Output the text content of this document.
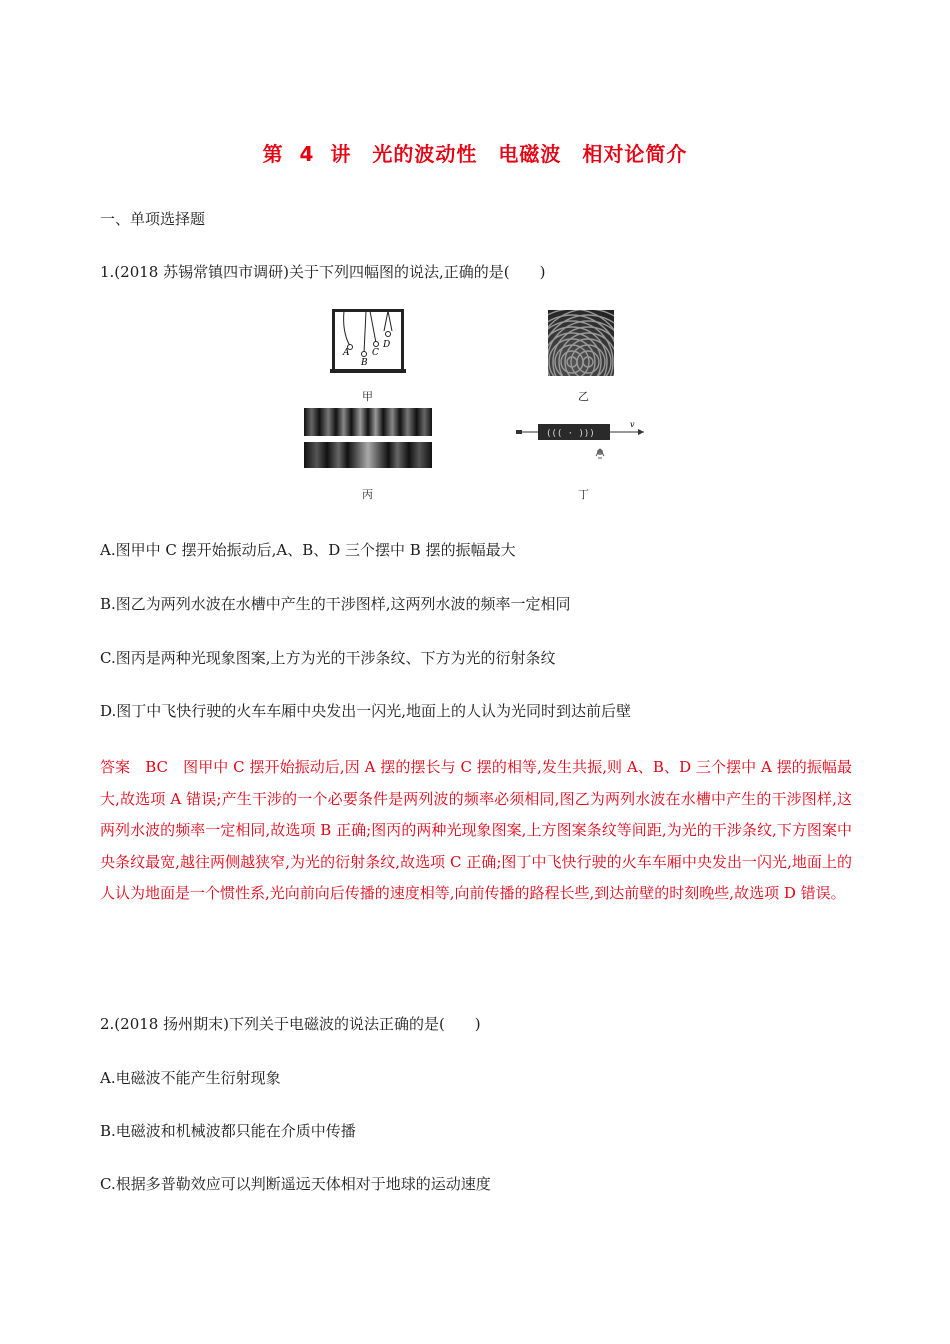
第 4 讲　光的波动性　电磁波　相对论简介
一、单项选择题
1.(2018 苏锡常镇四市调研)关于下列四幅图的说法,正确的是(　　)
A
B
C
D
甲	乙
丙
((( · )))
v
丁
A.图甲中 C 摆开始振动后,A、B、D 三个摆中 B 摆的振幅最大
B.图乙为两列水波在水槽中产生的干涉图样,这两列水波的频率一定相同
C.图丙是两种光现象图案,上方为光的干涉条纹、下方为光的衍射条纹
D.图丁中飞快行驶的火车车厢中央发出一闪光,地面上的人认为光同时到达前后壁
答案　BC　图甲中 C 摆开始振动后,因 A 摆的摆长与 C 摆的相等,发生共振,则 A、B、D 三个摆中 A 摆的振幅最大,故选项 A 错误;产生干涉的一个必要条件是两列波的频率必须相同,图乙为两列水波在水槽中产生的干涉图样,这两列水波的频率一定相同,故选项 B 正确;图丙的两种光现象图案,上方图案条纹等间距,为光的干涉条纹,下方图案中央条纹最宽,越往两侧越狭窄,为光的衍射条纹,故选项 C 正确;图丁中飞快行驶的火车车厢中央发出一闪光,地面上的人认为地面是一个惯性系,光向前向后传播的速度相等,向前传播的路程长些,到达前壁的时刻晚些,故选项 D 错误。
2.(2018 扬州期末)下列关于电磁波的说法正确的是(　　)
A.电磁波不能产生衍射现象
B.电磁波和机械波都只能在介质中传播
C.根据多普勒效应可以判断遥远天体相对于地球的运动速度
